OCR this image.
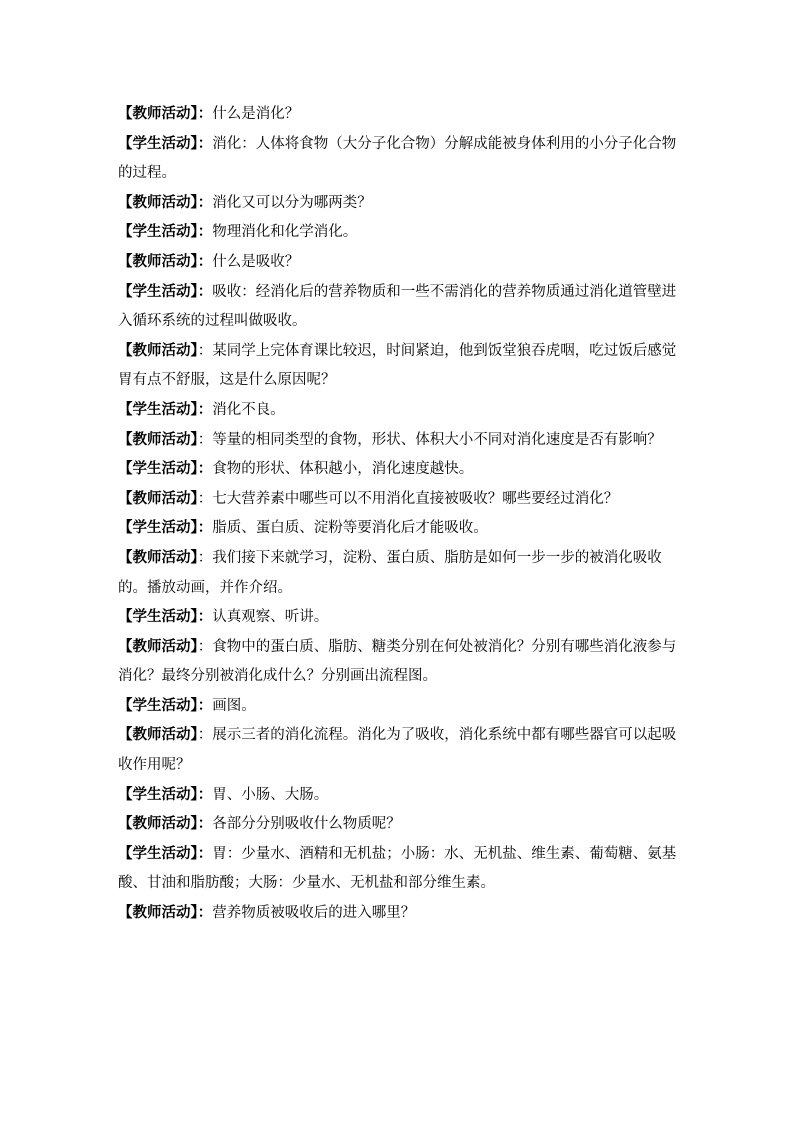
【教师活动】：什么是消化？

【学生活动】：消化：人体将食物（大分子化合物）分解成能被身体利用的小分子化合物的过程。

【教师活动】：消化又可以分为哪两类？

【学生活动】：物理消化和化学消化。

【教师活动】：什么是吸收？

【学生活动】：吸收：经消化后的营养物质和一些不需消化的营养物质通过消化道管壁进入循环系统的过程叫做吸收。

【教师活动】：某同学上完体育课比较迟，时间紧迫，他到饭堂狼吞虎咽，吃过饭后感觉胃有点不舒服，这是什么原因呢？

【学生活动】：消化不良。

【教师活动】：等量的相同类型的食物，形状、体积大小不同对消化速度是否有影响？

【学生活动】：食物的形状、体积越小，消化速度越快。

【教师活动】：七大营养素中哪些可以不用消化直接被吸收？哪些要经过消化？

【学生活动】：脂质、蛋白质、淀粉等要消化后才能吸收。

【教师活动】：我们接下来就学习，淀粉、蛋白质、脂肪是如何一步一步的被消化吸收的。播放动画，并作介绍。

【学生活动】：认真观察、听讲。

【教师活动】：食物中的蛋白质、脂肪、糖类分别在何处被消化？分别有哪些消化液参与消化？最终分别被消化成什么？分别画出流程图。

【学生活动】：画图。

【教师活动】：展示三者的消化流程。消化为了吸收，消化系统中都有哪些器官可以起吸收作用呢？

【学生活动】：胃、小肠、大肠。

【教师活动】：各部分分别吸收什么物质呢？

【学生活动】：胃：少量水、酒精和无机盐；小肠：水、无机盐、维生素、葡萄糖、氨基酸、甘油和脂肪酸；大肠：少量水、无机盐和部分维生素。

【教师活动】：营养物质被吸收后的进入哪里？
